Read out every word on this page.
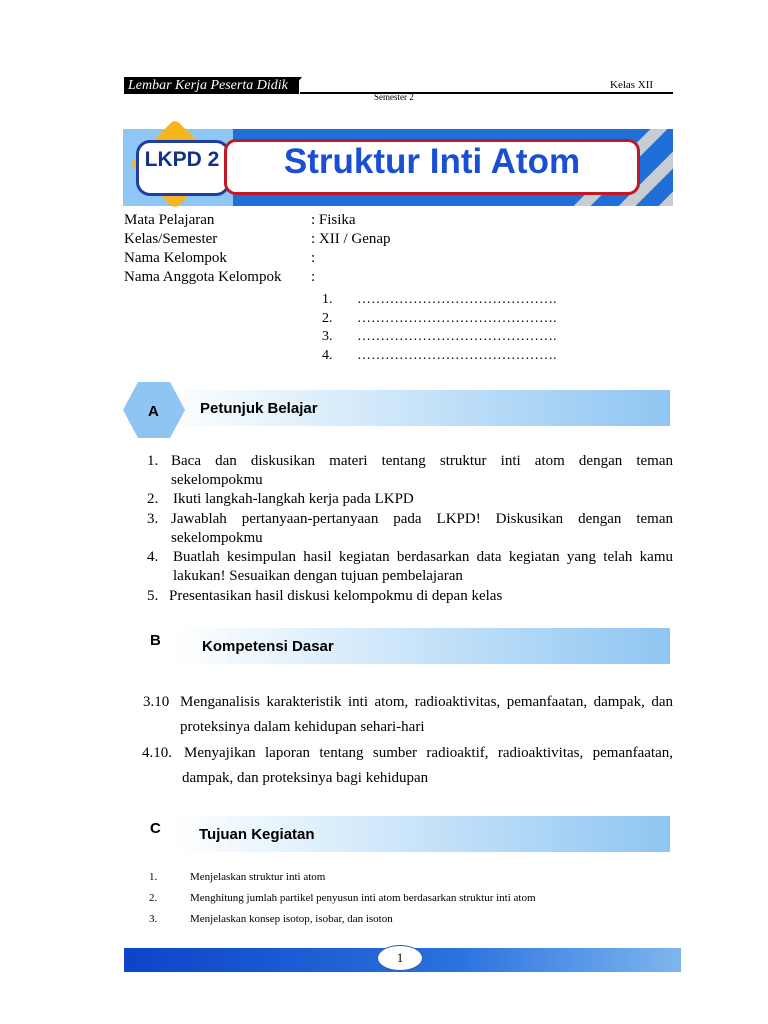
Lembar Kerja Peserta Didik	Kelas XII
Semester 2
LKPD 2	Struktur Inti Atom
Mata Pelajaran	: Fisika
Kelas/Semester	: XII / Genap
Nama Kelompok	:
Nama Anggota Kelompok :
1. …………………………………….
2. …………………………………….
3. …………………………………….
4. …………………………………….
A	Petunjuk Belajar
1. Baca dan diskusikan materi tentang struktur inti atom dengan teman
sekelompokmu
2. Ikuti langkah-langkah kerja pada LKPD
3. Jawablah pertanyaan-pertanyaan pada LKPD! Diskusikan dengan teman
sekelompokmu
4. Buatlah kesimpulan hasil kegiatan berdasarkan data kegiatan yang telah kamu
lakukan! Sesuaikan dengan tujuan pembelajaran
5. Presentasikan hasil diskusi kelompokmu di depan kelas
B	Kompetensi Dasar
3.10 Menganalisis karakteristik inti atom, radioaktivitas, pemanfaatan, dampak, dan
proteksinya dalam kehidupan sehari-hari
4.10. Menyajikan laporan tentang sumber radioaktif, radioaktivitas, pemanfaatan,
dampak, dan proteksinya bagi kehidupan
C	Tujuan Kegiatan
1.	Menjelaskan struktur inti atom
2.	Menghitung jumlah partikel penyusun inti atom berdasarkan struktur inti atom
3.	Menjelaskan konsep isotop, isobar, dan isoton
1
